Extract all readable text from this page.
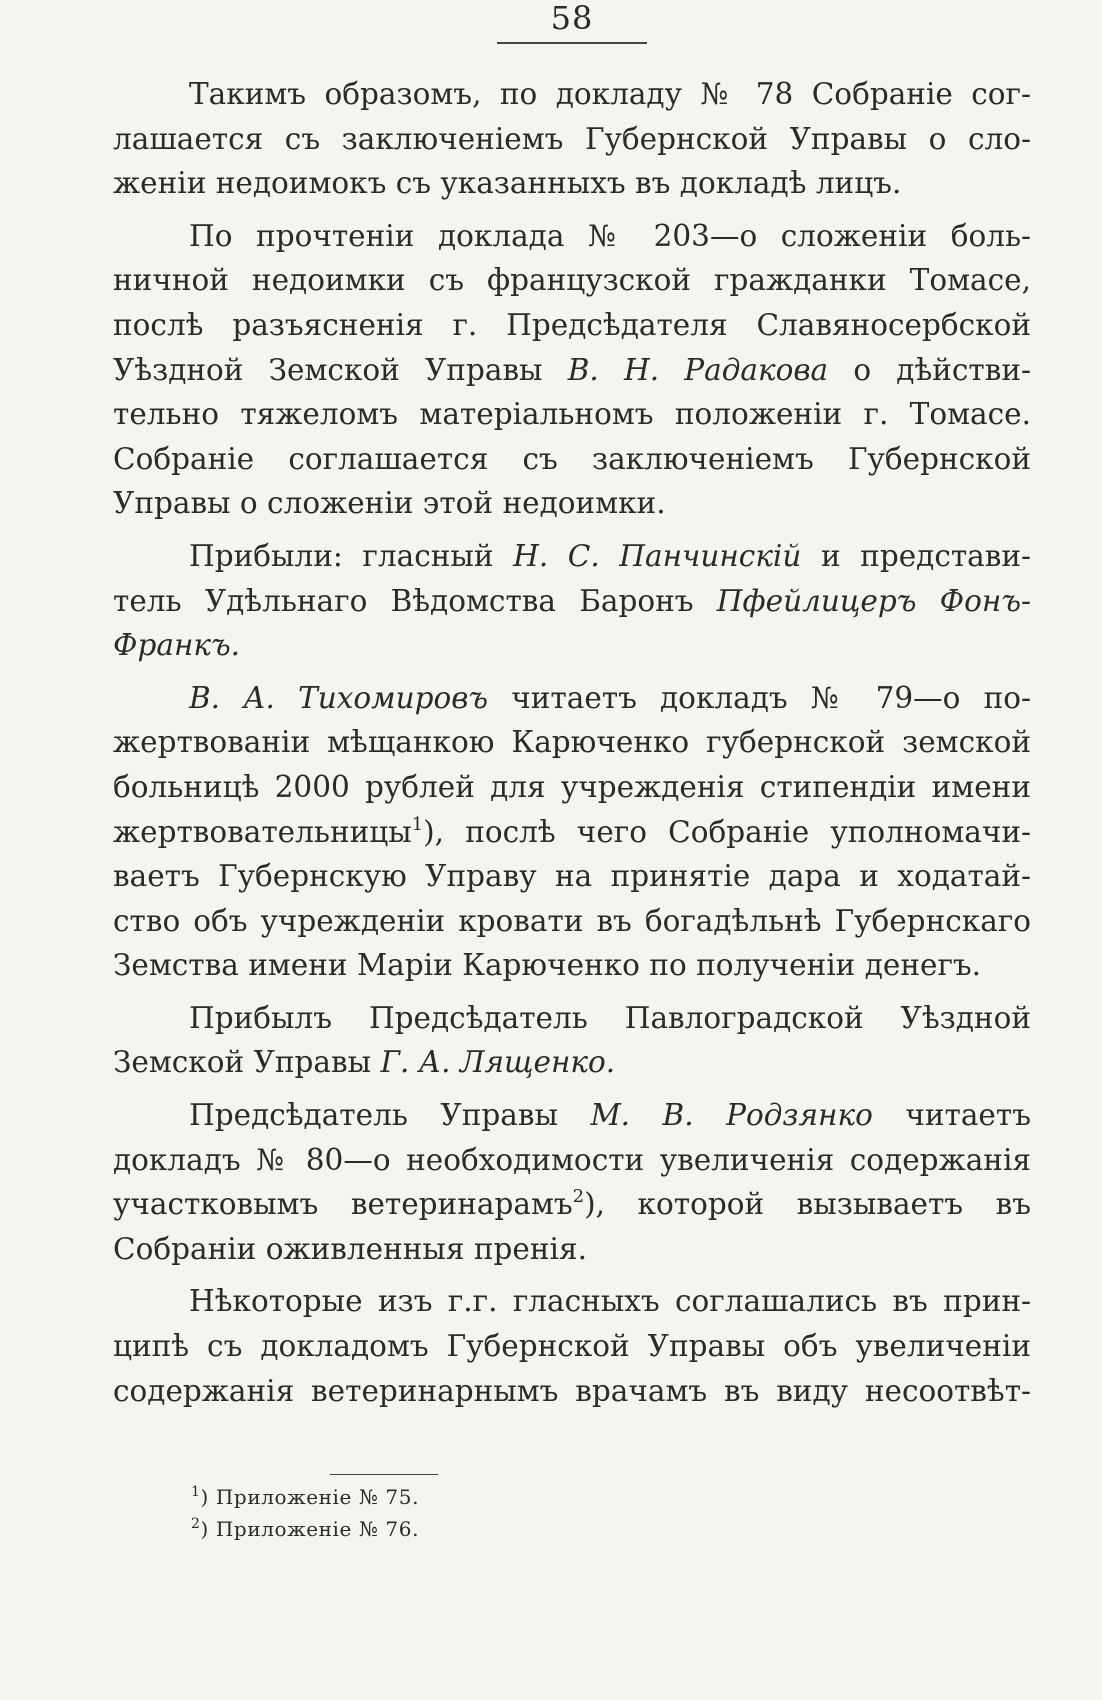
58

Такимъ образомъ, по докладу № 78 Собраніе сог-
лашается съ заключеніемъ Губернской Управы о сло-
женіи недоимокъ съ указанныхъ въ докладѣ лицъ.

По прочтеніи доклада № 203—о сложеніи боль-
ничной недоимки съ французской гражданки Томасе,
послѣ разъясненія г. Предсѣдателя Славяносербской
Уѣздной Земской Управы В. Н. Радакова о дѣйстви-
тельно тяжеломъ матеріальномъ положеніи г. Томасе.
Собраніе соглашается съ заключеніемъ Губернской
Управы о сложеніи этой недоимки.

Прибыли: гласный Н. С. Панчинскій и представи-
тель Удѣльнаго Вѣдомства Баронъ Пфейлицеръ Фонъ-
Франкъ.

В. А. Тихомировъ читаетъ докладъ № 79—о по-
жертвованіи мѣщанкою Карюченко губернской земской
больницѣ 2000 рублей для учрежденія стипендіи имени
жертвовательницы$^1$), послѣ чего Собраніе уполномачи-
ваетъ Губернскую Управу на принятіе дара и ходатай-
ство объ учрежденіи кровати въ богадѣльнѣ Губернскаго
Земства имени Маріи Карюченко по полученіи денегъ.

Прибылъ Предсѣдатель Павлоградской Уѣздной
Земской Управы Г. А. Лященко.

Предсѣдатель Управы М. В. Родзянко читаетъ
докладъ № 80—о необходимости увеличенія содержанія
участковымъ ветеринарамъ$^2$), которой вызываетъ въ
Собраніи оживленныя пренія.

Нѣкоторые изъ г.г. гласныхъ соглашались въ прин-
ципѣ съ докладомъ Губернской Управы объ увеличеніи
содержанія ветеринарнымъ врачамъ въ виду несоотвѣт-

$^1$) Приложеніе № 75.
$^2$) Приложеніе № 76.
